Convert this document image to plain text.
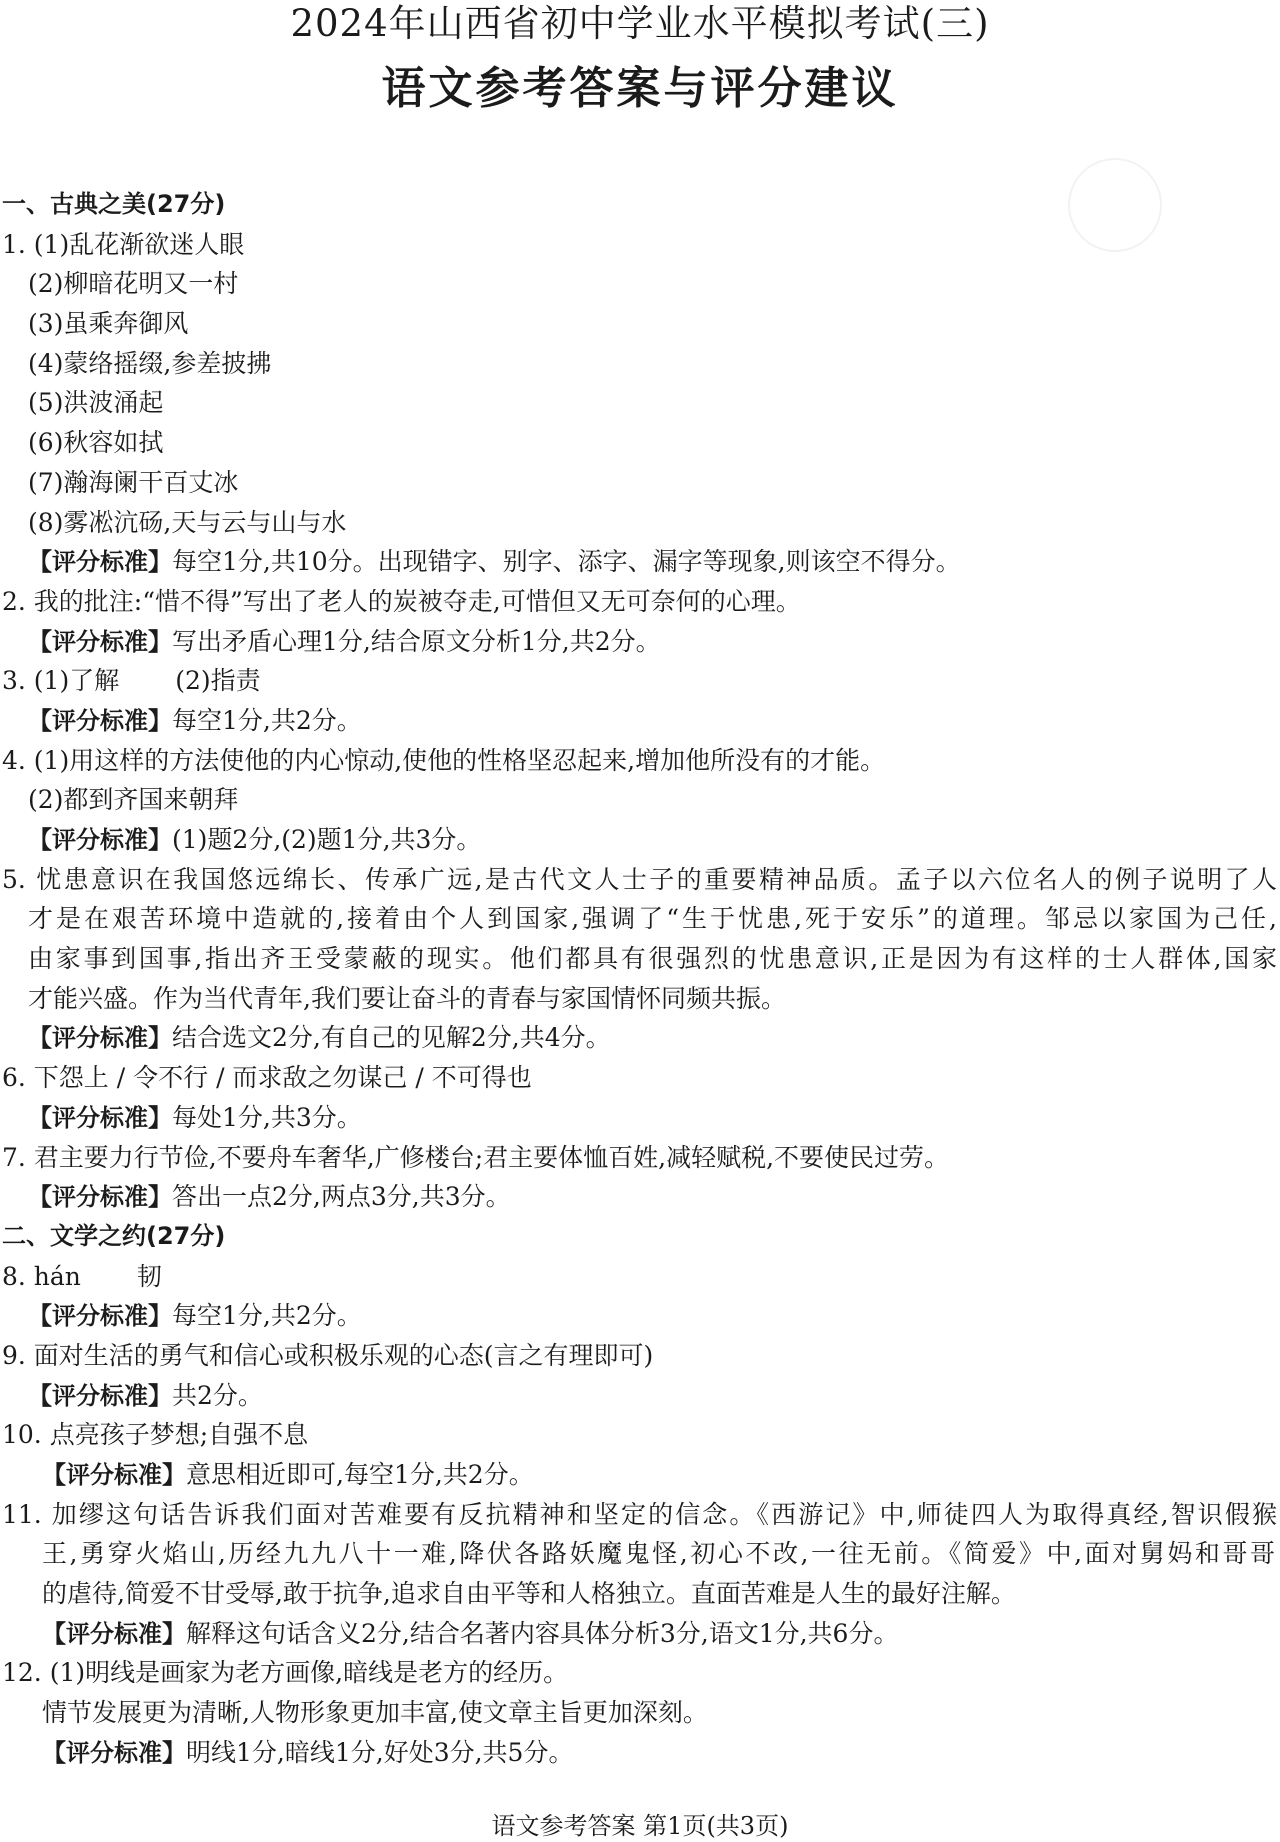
2024年山西省初中学业水平模拟考试(三)
语文参考答案与评分建议
一、古典之美(27分)
1. (1)乱花渐欲迷人眼
(2)柳暗花明又一村
(3)虽乘奔御风
(4)蒙络摇缀,参差披拂
(5)洪波涌起
(6)秋容如拭
(7)瀚海阑干百丈冰
(8)雾凇沆砀,天与云与山与水
【评分标准】每空1分,共10分。出现错字、别字、添字、漏字等现象,则该空不得分。
2. 我的批注:“惜不得”写出了老人的炭被夺走,可惜但又无可奈何的心理。
【评分标准】写出矛盾心理1分,结合原文分析1分,共2分。
3. (1)了解 (2)指责
【评分标准】每空1分,共2分。
4. (1)用这样的方法使他的内心惊动,使他的性格坚忍起来,增加他所没有的才能。
(2)都到齐国来朝拜
【评分标准】(1)题2分,(2)题1分,共3分。
5. 忧患意识在我国悠远绵长、传承广远,是古代文人士子的重要精神品质。孟子以六位名人的例子说明了人
才是在艰苦环境中造就的,接着由个人到国家,强调了“生于忧患,死于安乐”的道理。邹忌以家国为己任,
由家事到国事,指出齐王受蒙蔽的现实。他们都具有很强烈的忧患意识,正是因为有这样的士人群体,国家
才能兴盛。作为当代青年,我们要让奋斗的青春与家国情怀同频共振。
【评分标准】结合选文2分,有自己的见解2分,共4分。
6. 下怨上 / 令不行 / 而求敌之勿谋己 / 不可得也
【评分标准】每处1分,共3分。
7. 君主要力行节俭,不要舟车奢华,广修楼台;君主要体恤百姓,减轻赋税,不要使民过劳。
【评分标准】答出一点2分,两点3分,共3分。
二、文学之约(27分)
8. hán 韧
【评分标准】每空1分,共2分。
9. 面对生活的勇气和信心或积极乐观的心态(言之有理即可)
【评分标准】共2分。
10. 点亮孩子梦想;自强不息
【评分标准】意思相近即可,每空1分,共2分。
11. 加缪这句话告诉我们面对苦难要有反抗精神和坚定的信念。《西游记》中,师徒四人为取得真经,智识假猴
王,勇穿火焰山,历经九九八十一难,降伏各路妖魔鬼怪,初心不改,一往无前。《简爱》中,面对舅妈和哥哥
的虐待,简爱不甘受辱,敢于抗争,追求自由平等和人格独立。直面苦难是人生的最好注解。
【评分标准】解释这句话含义2分,结合名著内容具体分析3分,语文1分,共6分。
12. (1)明线是画家为老方画像,暗线是老方的经历。
情节发展更为清晰,人物形象更加丰富,使文章主旨更加深刻。
【评分标准】明线1分,暗线1分,好处3分,共5分。
语文参考答案 第1页(共3页)
